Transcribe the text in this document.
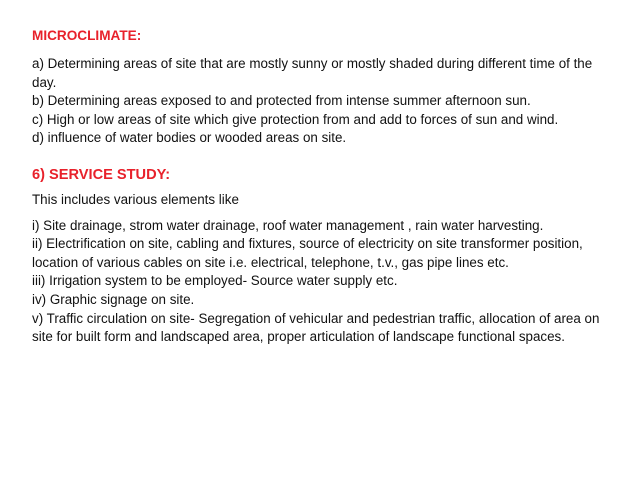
MICROCLIMATE:

a) Determining areas of site that are mostly sunny or mostly shaded during different time of the day.

b) Determining areas exposed to and protected from intense summer afternoon sun.

c) High or low areas of site which give protection from and add to forces of sun and wind.

d) influence of water bodies or wooded areas on site.

6) SERVICE STUDY:

This includes various elements like

i) Site drainage, strom water drainage, roof water management , rain water harvesting.

ii) Electrification on site, cabling and fixtures, source of electricity on site transformer position, location of various cables on site i.e. electrical, telephone, t.v., gas pipe lines etc.

iii) Irrigation system to be employed- Source water supply etc.

iv) Graphic signage on site.

v) Traffic circulation on site- Segregation of vehicular and pedestrian traffic, allocation of area on site for built form and landscaped area, proper articulation of landscape functional spaces.
